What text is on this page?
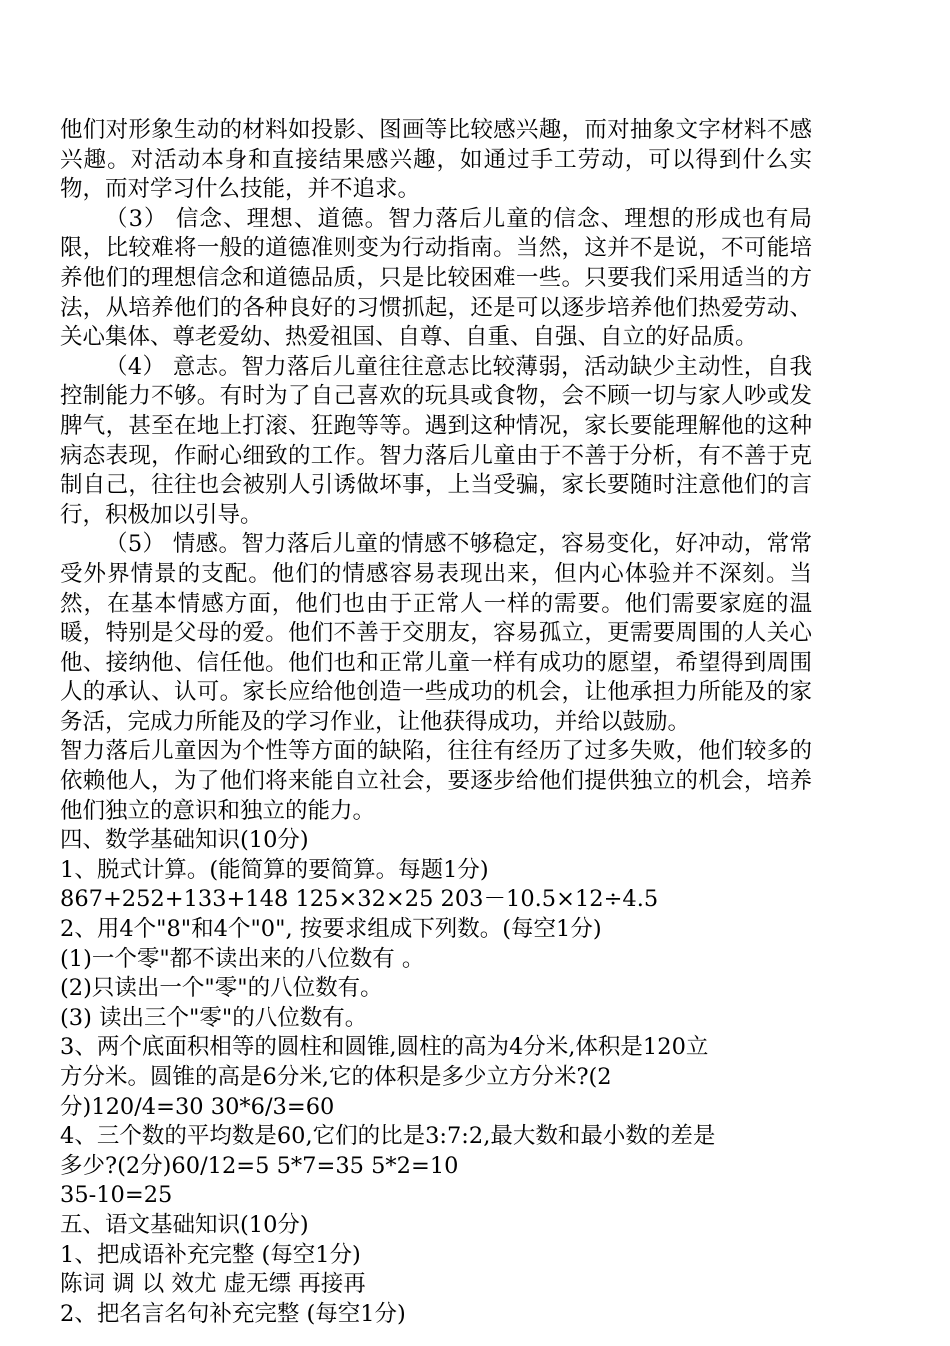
他们对形象生动的材料如投影、图画等比较感兴趣，而对抽象文字材料不感兴趣。对活动本身和直接结果感兴趣，如通过手工劳动，可以得到什么实物，而对学习什么技能，并不追求。

（3） 信念、理想、道德。智力落后儿童的信念、理想的形成也有局限，比较难将一般的道德准则变为行动指南。当然，这并不是说，不可能培养他们的理想信念和道德品质，只是比较困难一些。只要我们采用适当的方法，从培养他们的各种良好的习惯抓起，还是可以逐步培养他们热爱劳动、关心集体、尊老爱幼、热爱祖国、自尊、自重、自强、自立的好品质。

（4） 意志。智力落后儿童往往意志比较薄弱，活动缺少主动性，自我控制能力不够。有时为了自己喜欢的玩具或食物，会不顾一切与家人吵或发脾气，甚至在地上打滚、狂跑等等。遇到这种情况，家长要能理解他的这种病态表现，作耐心细致的工作。智力落后儿童由于不善于分析，有不善于克制自己，往往也会被别人引诱做坏事，上当受骗，家长要随时注意他们的言行，积极加以引导。

（5） 情感。智力落后儿童的情感不够稳定，容易变化，好冲动，常常受外界情景的支配。他们的情感容易表现出来，但内心体验并不深刻。当然，在基本情感方面，他们也由于正常人一样的需要。他们需要家庭的温暖，特别是父母的爱。他们不善于交朋友，容易孤立，更需要周围的人关心他、接纳他、信任他。他们也和正常儿童一样有成功的愿望，希望得到周围人的承认、认可。家长应给他创造一些成功的机会，让他承担力所能及的家务活，完成力所能及的学习作业，让他获得成功，并给以鼓励。

智力落后儿童因为个性等方面的缺陷，往往有经历了过多失败，他们较多的依赖他人，为了他们将来能自立社会，要逐步给他们提供独立的机会，培养他们独立的意识和独立的能力。

四、数学基础知识(10分)
1、脱式计算。(能简算的要简算。每题1分)
867+252+133+148 125×32×25 203－10.5×12÷4.5
2、用4个"8"和4个"0", 按要求组成下列数。(每空1分)
(1)一个零"都不读出来的八位数有 。
(2)只读出一个"零"的八位数有。
(3) 读出三个"零"的八位数有。
3、两个底面积相等的圆柱和圆锥,圆柱的高为4分米,体积是120立
方分米。圆锥的高是6分米,它的体积是多少立方分米?(2
分)120/4=30 30*6/3=60
4、三个数的平均数是60,它们的比是3:7:2,最大数和最小数的差是
多少?(2分)60/12=5 5*7=35 5*2=10
35-10=25
五、语文基础知识(10分)
1、把成语补充完整 (每空1分)
陈词 调 以 效尤 虚无缥 再接再
2、把名言名句补充完整 (每空1分)
